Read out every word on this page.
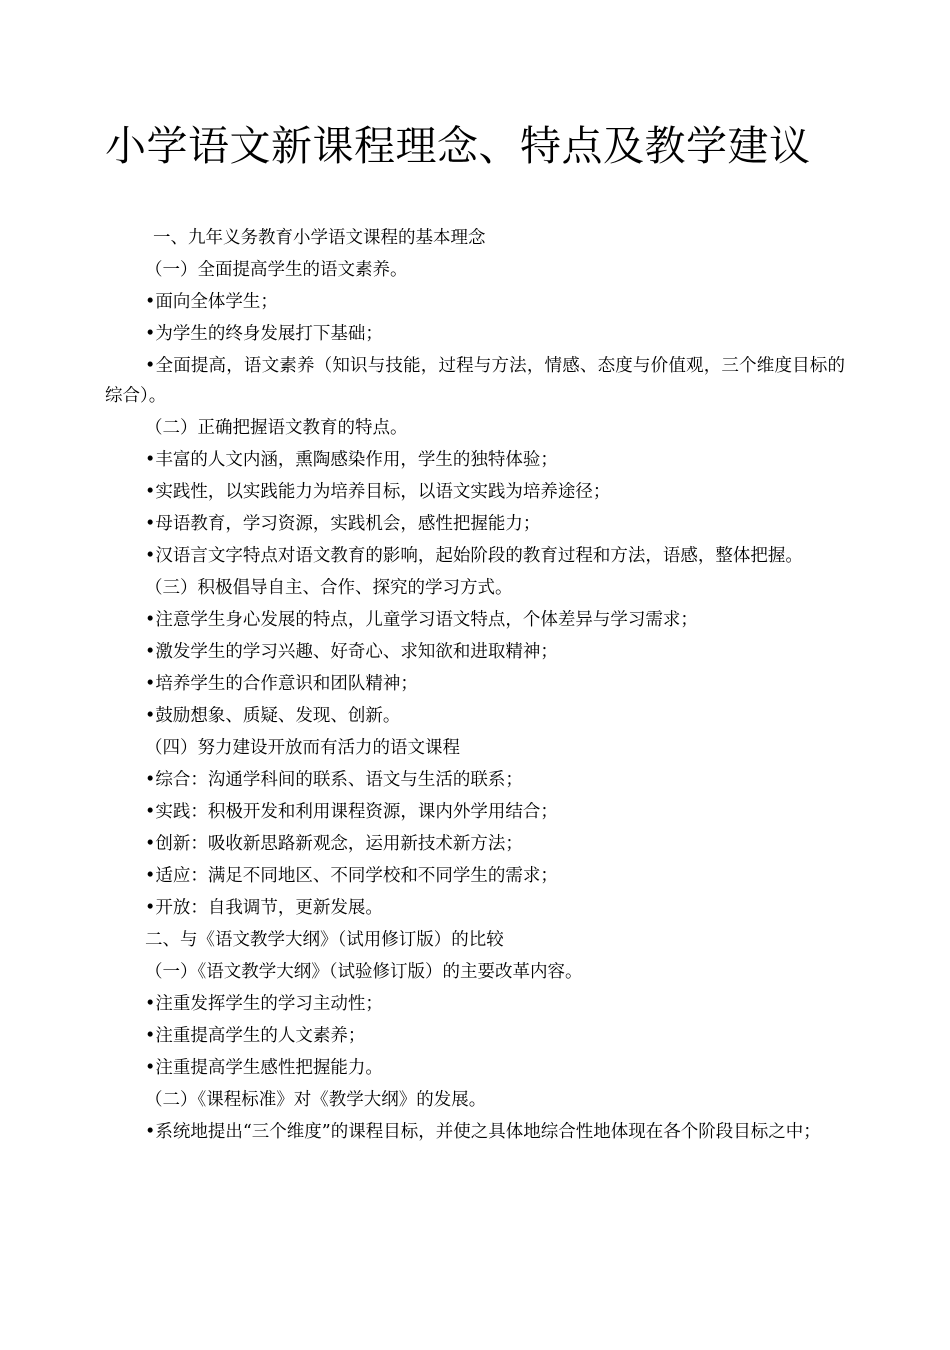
小学语文新课程理念、特点及教学建议

一、九年义务教育小学语文课程的基本理念

（一）全面提高学生的语文素养。

•面向全体学生；

•为学生的终身发展打下基础；

•全面提高，语文素养（知识与技能，过程与方法，情感、态度与价值观，三个维度目标的综合）。

（二）正确把握语文教育的特点。

•丰富的人文内涵，熏陶感染作用，学生的独特体验；

•实践性，以实践能力为培养目标，以语文实践为培养途径；

•母语教育，学习资源，实践机会，感性把握能力；

•汉语言文字特点对语文教育的影响，起始阶段的教育过程和方法，语感，整体把握。

（三）积极倡导自主、合作、探究的学习方式。

•注意学生身心发展的特点，儿童学习语文特点，个体差异与学习需求；

•激发学生的学习兴趣、好奇心、求知欲和进取精神；

•培养学生的合作意识和团队精神；

•鼓励想象、质疑、发现、创新。

（四）努力建设开放而有活力的语文课程

•综合：沟通学科间的联系、语文与生活的联系；

•实践：积极开发和利用课程资源，课内外学用结合；

•创新：吸收新思路新观念，运用新技术新方法；

•适应：满足不同地区、不同学校和不同学生的需求；

•开放：自我调节，更新发展。

二、与《语文教学大纲》（试用修订版）的比较

（一）《语文教学大纲》（试验修订版）的主要改革内容。

•注重发挥学生的学习主动性；

•注重提高学生的人文素养；

•注重提高学生感性把握能力。

（二）《课程标准》对《教学大纲》的发展。

•系统地提出“三个维度”的课程目标，并使之具体地综合性地体现在各个阶段目标之中；
